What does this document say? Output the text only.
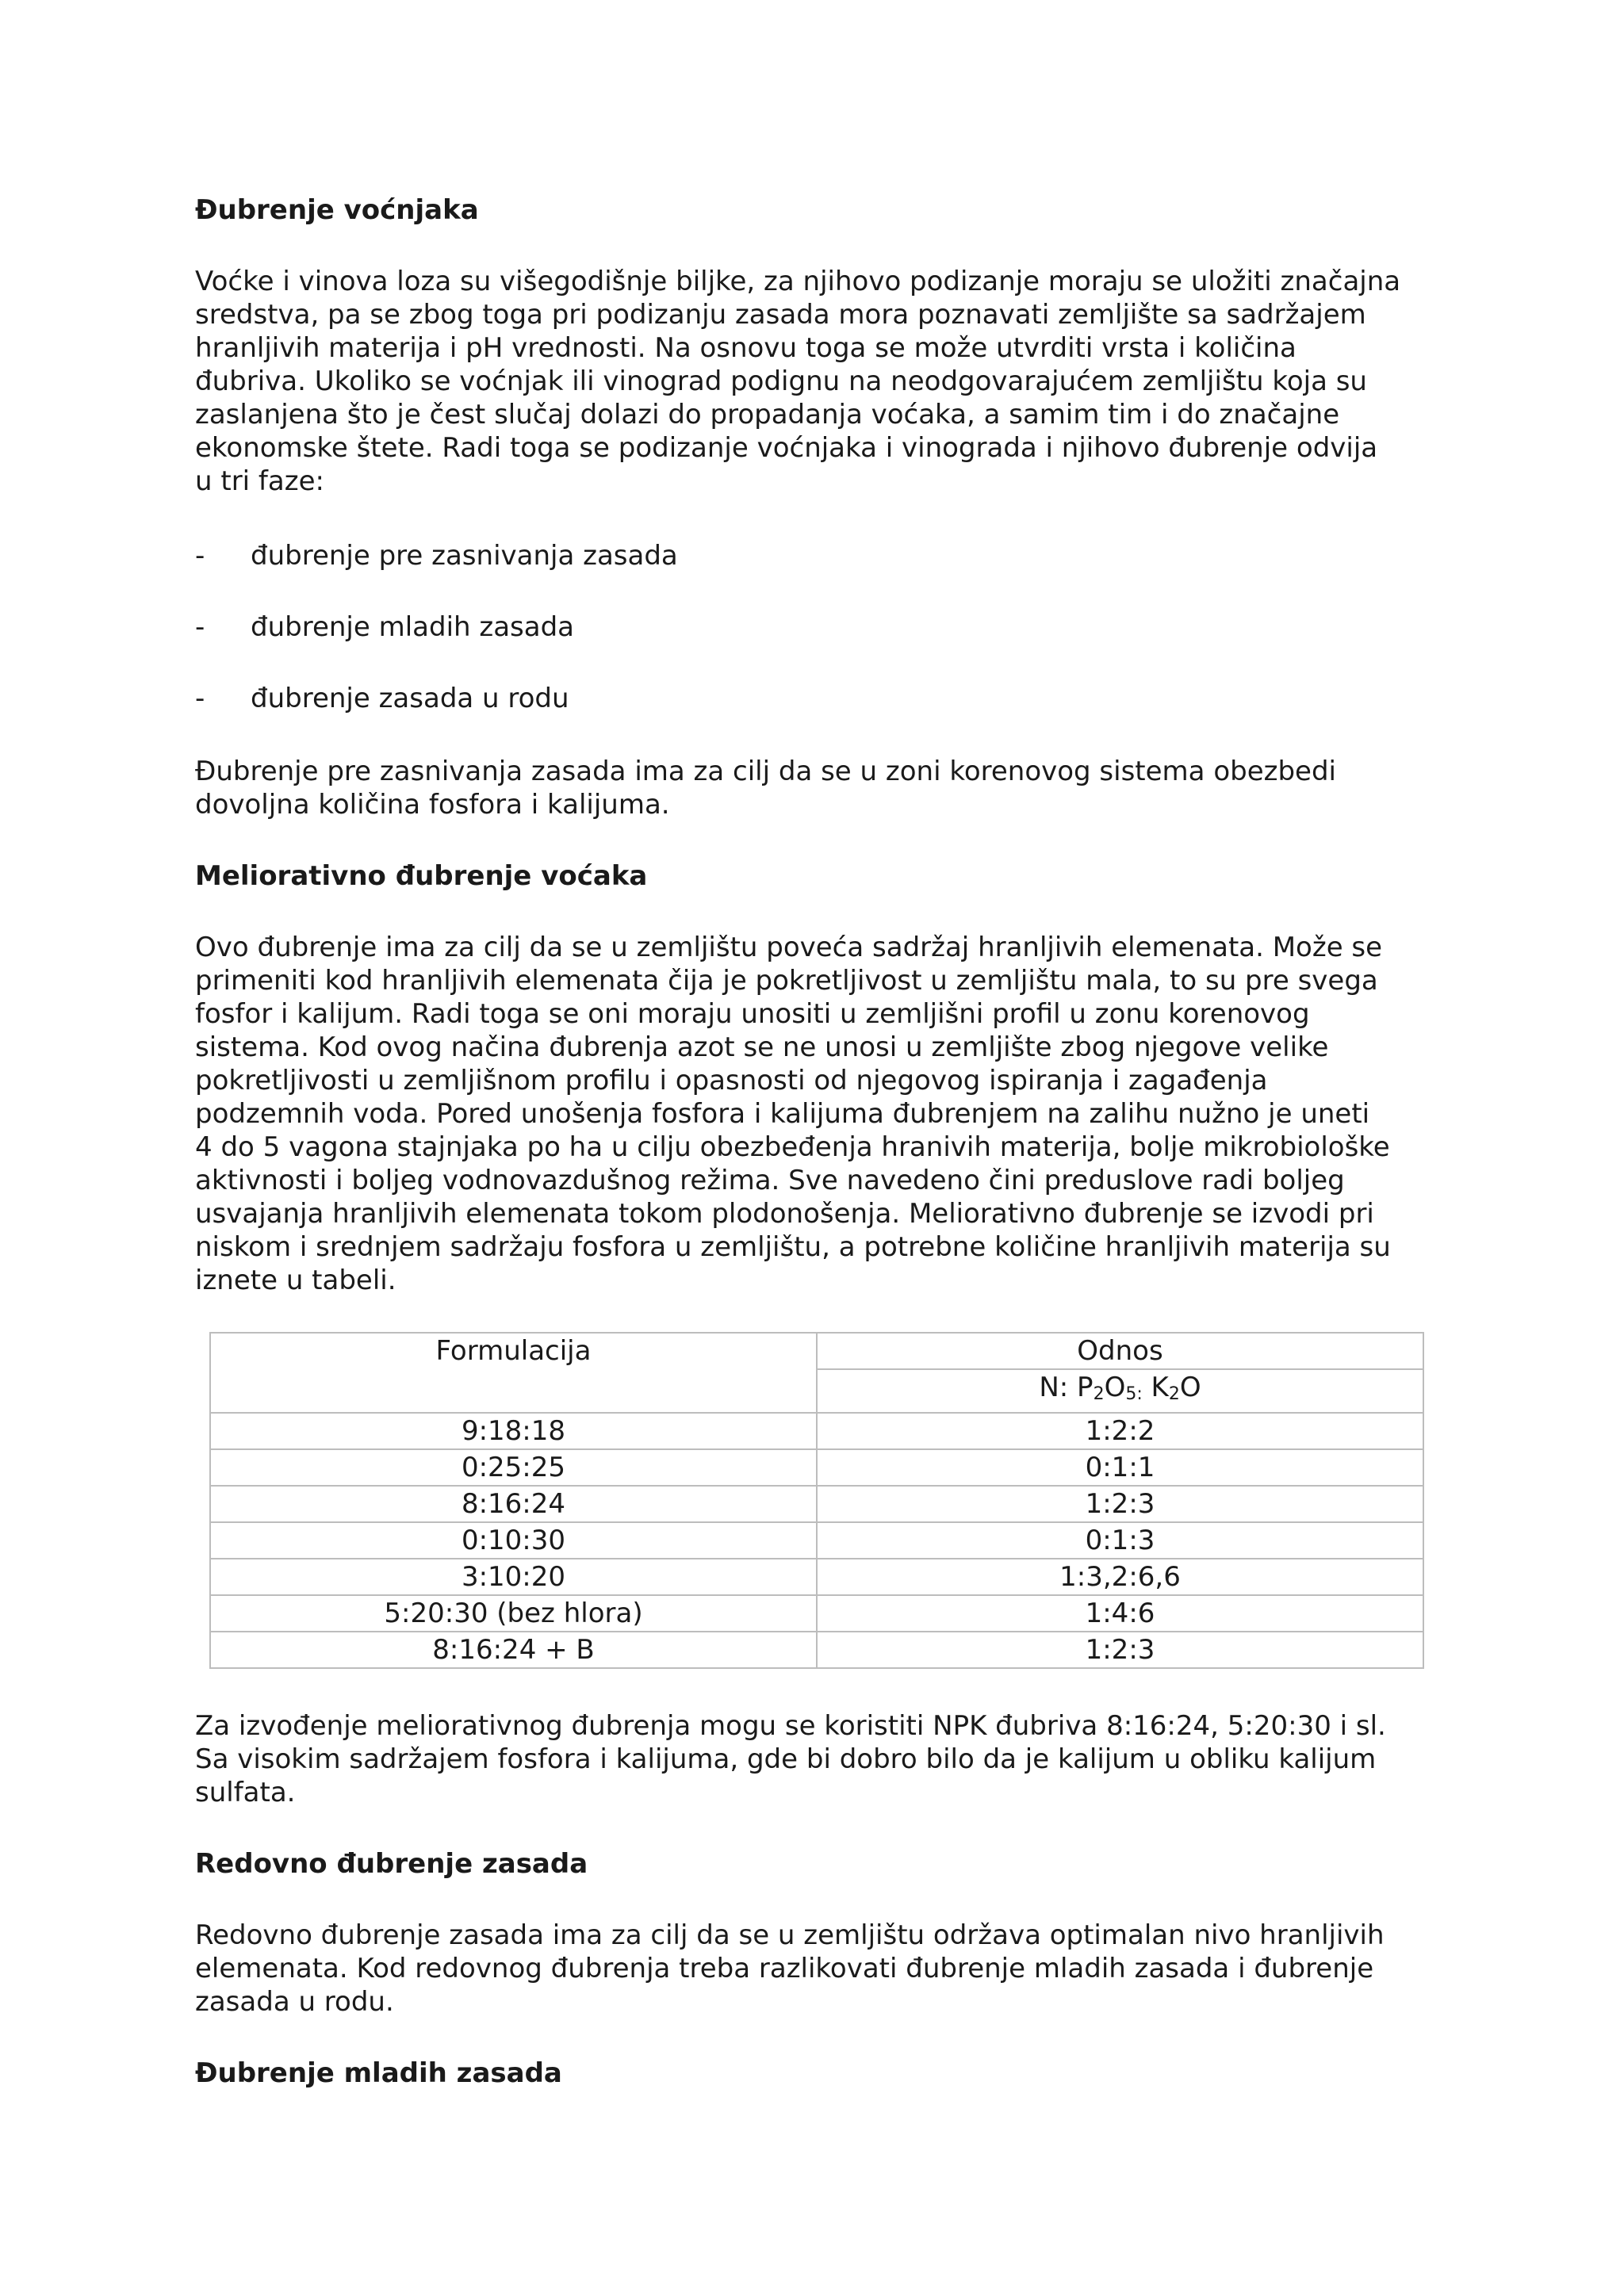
Đubrenje voćnjaka
Voćke i vinova loza su višegodišnje biljke, za njihovo podizanje moraju se uložiti značajna
sredstva, pa se zbog toga pri podizanju zasada mora poznavati zemljište sa sadržajem
hranljivih materija i pH vrednosti. Na osnovu toga se može utvrditi vrsta i količina
đubriva. Ukoliko se voćnjak ili vinograd podignu na neodgovarajućem zemljištu koja su
zaslanjena što je čest slučaj dolazi do propadanja voćaka, a samim tim i do značajne
ekonomske štete. Radi toga se podizanje voćnjaka i vinograda i njihovo đubrenje odvija
u tri faze:
- đubrenje pre zasnivanja zasada
- đubrenje mladih zasada
- đubrenje zasada u rodu
Đubrenje pre zasnivanja zasada ima za cilj da se u zoni korenovog sistema obezbedi
dovoljna količina fosfora i kalijuma.
Meliorativno đubrenje voćaka
Ovo đubrenje ima za cilj da se u zemljištu poveća sadržaj hranljivih elemenata. Može se
primeniti kod hranljivih elemenata čija je pokretljivost u zemljištu mala, to su pre svega
fosfor i kalijum. Radi toga se oni moraju unositi u zemljišni profil u zonu korenovog
sistema. Kod ovog načina đubrenja azot se ne unosi u zemljište zbog njegove velike
pokretljivosti u zemljišnom profilu i opasnosti od njegovog ispiranja i zagađenja
podzemnih voda. Pored unošenja fosfora i kalijuma đubrenjem na zalihu nužno je uneti
4 do 5 vagona stajnjaka po ha u cilju obezbeđenja hranivih materija, bolje mikrobiološke
aktivnosti i boljeg vodnovazdušnog režima. Sve navedeno čini preduslove radi boljeg
usvajanja hranljivih elemenata tokom plodonošenja. Meliorativno đubrenje se izvodi pri
niskom i srednjem sadržaju fosfora u zemljištu, a potrebne količine hranljivih materija su
iznete u tabeli.
Formulacija	Odnos
	N: $P_2O_{5:}$ $K_2O$
9:18:18	1:2:2
0:25:25	0:1:1
8:16:24	1:2:3
0:10:30	0:1:3
3:10:20	1:3,2:6,6
5:20:30 (bez hlora)	1:4:6
8:16:24 + B	1:2:3
Za izvođenje meliorativnog đubrenja mogu se koristiti NPK đubriva 8:16:24, 5:20:30 i sl.
Sa visokim sadržajem fosfora i kalijuma, gde bi dobro bilo da je kalijum u obliku kalijum
sulfata.
Redovno đubrenje zasada
Redovno đubrenje zasada ima za cilj da se u zemljištu održava optimalan nivo hranljivih
elemenata. Kod redovnog đubrenja treba razlikovati đubrenje mladih zasada i đubrenje
zasada u rodu.
Đubrenje mladih zasada
